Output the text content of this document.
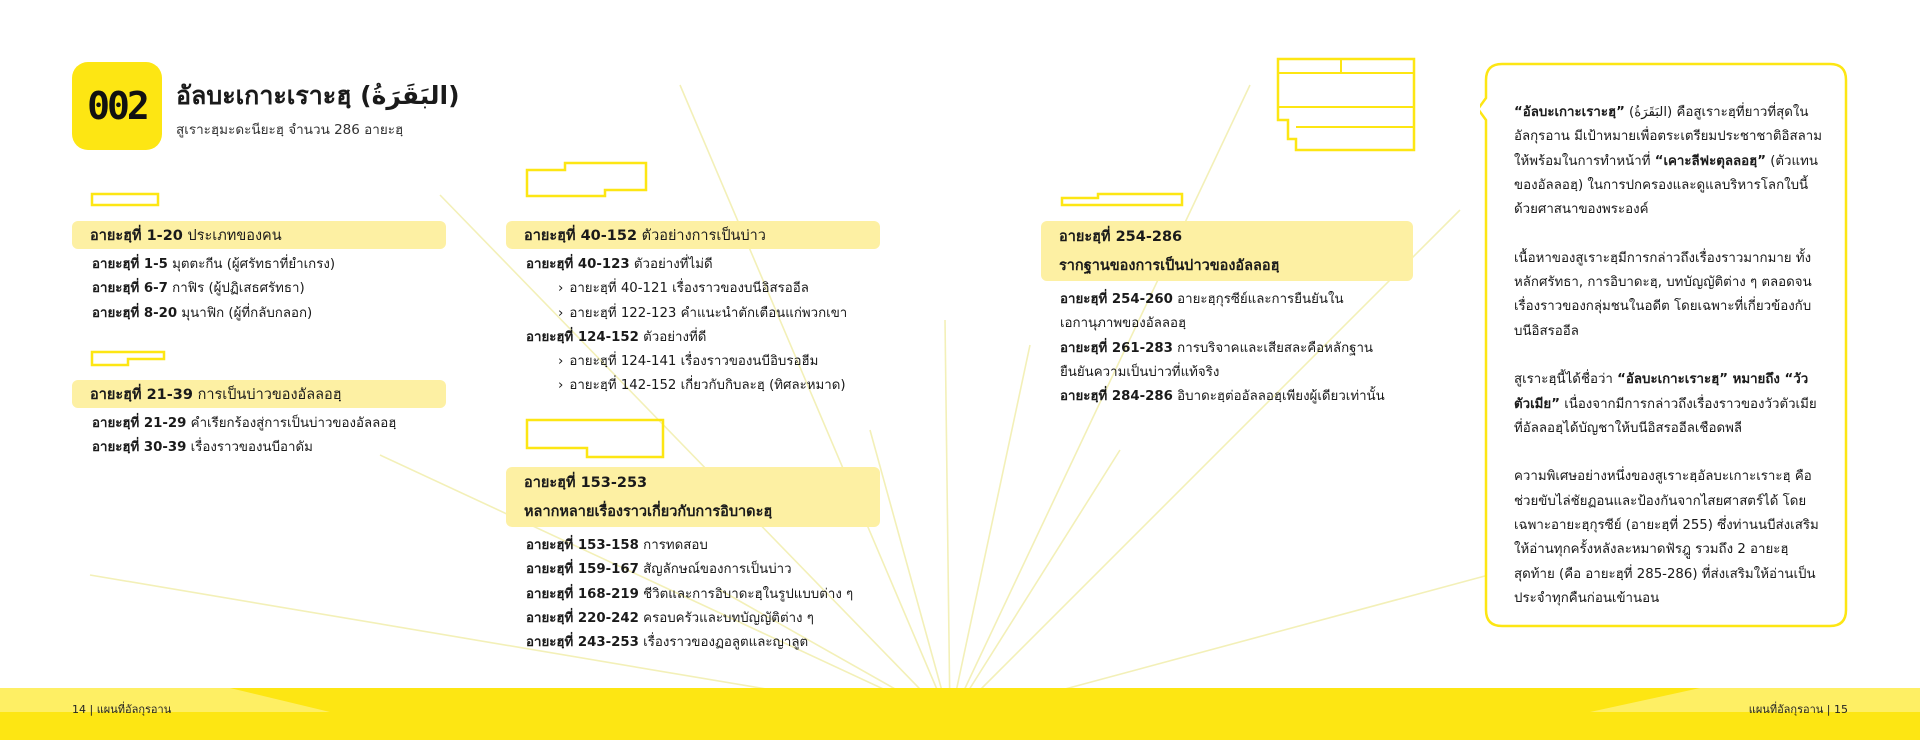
002	อัลบะเกาะเราะฮฺ (البَقَرَةُ)
สูเราะฮฺมะดะนียะฮฺ จำนวน 286 อายะฮฺ
อายะฮฺที่ 1-20 ประเภทของคน
อายะฮฺที่ 1-5 มุตตะกีน (ผู้ศรัทธาที่ยำเกรง)
อายะฮฺที่ 6-7 กาฟิร (ผู้ปฏิเสธศรัทธา)
อายะฮฺที่ 8-20 มุนาฟิก (ผู้ที่กลับกลอก)
อายะฮฺที่ 21-39 การเป็นบ่าวของอัลลอฮฺ
อายะฮฺที่ 21-29 คำเรียกร้องสู่การเป็นบ่าวของอัลลอฮฺ
อายะฮฺที่ 30-39 เรื่องราวของนบีอาดัม
อายะฮฺที่ 40-152 ตัวอย่างการเป็นบ่าว
อายะฮฺที่ 40-123 ตัวอย่างที่ไม่ดี
› อายะฮฺที่ 40-121 เรื่องราวของบนีอิสรออีล
› อายะฮฺที่ 122-123 คำแนะนำตักเตือนแก่พวกเขา
อายะฮฺที่ 124-152 ตัวอย่างที่ดี
› อายะฮฺที่ 124-141 เรื่องราวของนบีอิบรอฮีม
› อายะฮฺที่ 142-152 เกี่ยวกับกิบละฮฺ (ทิศละหมาด)
อายะฮฺที่ 153-253
หลากหลายเรื่องราวเกี่ยวกับการอิบาดะฮฺ
อายะฮฺที่ 153-158 การทดสอบ
อายะฮฺที่ 159-167 สัญลักษณ์ของการเป็นบ่าว
อายะฮฺที่ 168-219 ชีวิตและการอิบาดะฮฺในรูปแบบต่าง ๆ
อายะฮฺที่ 220-242 ครอบครัวและบทบัญญัติต่าง ๆ
อายะฮฺที่ 243-253 เรื่องราวของฏอลูตและญาลูต
อายะฮฺที่ 254-286
รากฐานของการเป็นบ่าวของอัลลอฮฺ
อายะฮฺที่ 254-260 อายะฮฺกุรซีย์และการยืนยันใน
เอกานุภาพของอัลลอฮฺ
อายะฮฺที่ 261-283 การบริจาคและเสียสละคือหลักฐาน
ยืนยันความเป็นบ่าวที่แท้จริง
อายะฮฺที่ 284-286 อิบาดะฮฺต่ออัลลอฮฺเพียงผู้เดียวเท่านั้น

“อัลบะเกาะเราะฮฺ” (البَقَرَةُ) คือสูเราะฮฺที่ยาวที่สุดในอัลกุรอาน มีเป้าหมายเพื่อตระเตรียมประชาชาติอิสลามให้พร้อมในการทำหน้าที่ “เคาะลีฟะตุลลอฮฺ” (ตัวแทนของอัลลอฮฺ) ในการปกครองและดูแลบริหารโลกใบนี้ด้วยศาสนาของพระองค์

เนื้อหาของสูเราะฮฺมีการกล่าวถึงเรื่องราวมากมาย ทั้งหลักศรัทธา, การอิบาดะฮฺ, บทบัญญัติต่าง ๆ ตลอดจนเรื่องราวของกลุ่มชนในอดีต โดยเฉพาะที่เกี่ยวข้องกับบนีอิสรออีล

สูเราะฮฺนี้ได้ชื่อว่า “อัลบะเกาะเราะฮฺ” หมายถึง “วัวตัวเมีย” เนื่องจากมีการกล่าวถึงเรื่องราวของวัวตัวเมียที่อัลลอฮฺได้บัญชาให้บนีอิสรออีลเชือดพลี

ความพิเศษอย่างหนึ่งของสูเราะฮฺอัลบะเกาะเราะฮฺ คือ ช่วยขับไล่ชัยฏอนและป้องกันจากไสยศาสตร์ได้ โดยเฉพาะอายะฮฺกุรซีย์ (อายะฮฺที่ 255) ซึ่งท่านนบีส่งเสริมให้อ่านทุกครั้งหลังละหมาดฟัรฎู รวมถึง 2 อายะฮฺสุดท้าย (คือ อายะฮฺที่ 285-286) ที่ส่งเสริมให้อ่านเป็นประจำทุกคืนก่อนเข้านอน

14 | แผนที่อัลกุรอาน	แผนที่อัลกุรอาน | 15
